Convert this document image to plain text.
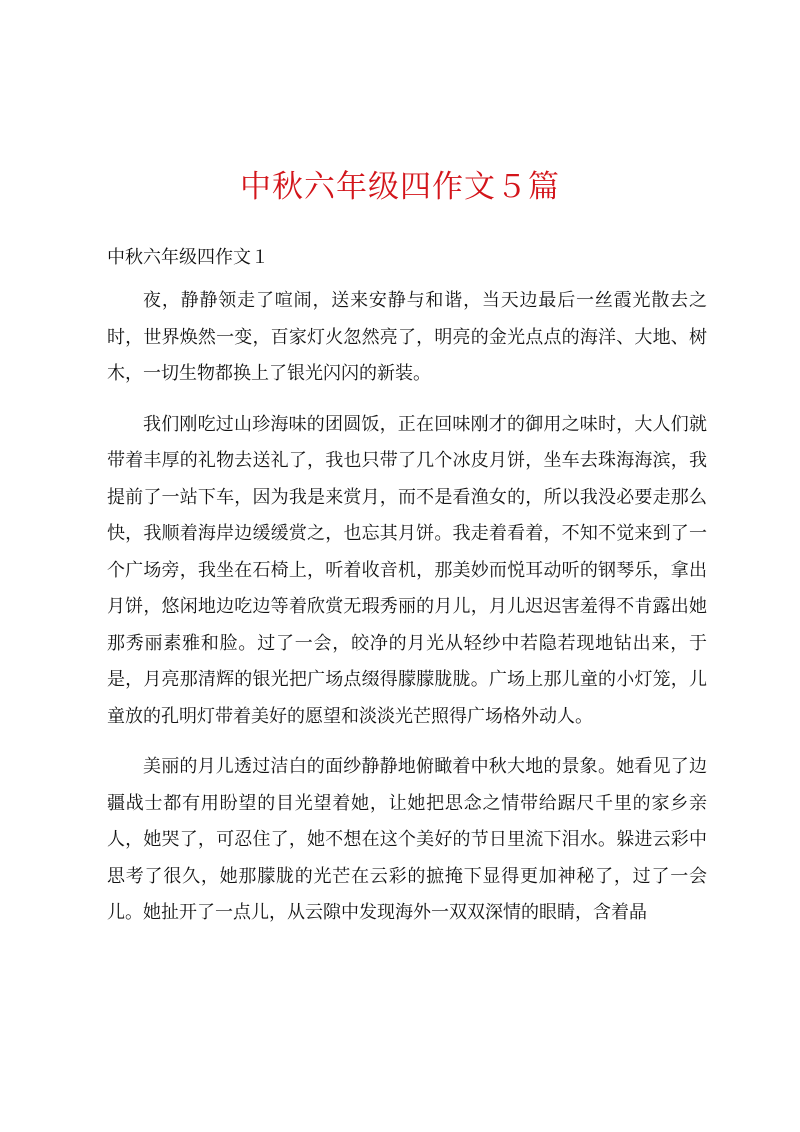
中秋六年级四作文５篇
中秋六年级四作文１

夜，静静领走了喧闹，送来安静与和谐，当天边最后一丝霞光散去之时，世界焕然一变，百家灯火忽然亮了，明亮的金光点点的海洋、大地、树木，一切生物都换上了银光闪闪的新装。

我们刚吃过山珍海味的团圆饭，正在回味刚才的御用之味时，大人们就带着丰厚的礼物去送礼了，我也只带了几个冰皮月饼，坐车去珠海海滨，我提前了一站下车，因为我是来赏月，而不是看渔女的，所以我没必要走那么快，我顺着海岸边缓缓赏之，也忘其月饼。我走着看着，不知不觉来到了一个广场旁，我坐在石椅上，听着收音机，那美妙而悦耳动听的钢琴乐，拿出月饼，悠闲地边吃边等着欣赏无瑕秀丽的月儿，月儿迟迟害羞得不肯露出她那秀丽素雅和脸。过了一会，皎净的月光从轻纱中若隐若现地钻出来，于是，月亮那清辉的银光把广场点缀得朦朦胧胧。广场上那儿童的小灯笼，儿童放的孔明灯带着美好的愿望和淡淡光芒照得广场格外动人。

美丽的月儿透过洁白的面纱静静地俯瞰着中秋大地的景象。她看见了边疆战士都有用盼望的目光望着她，让她把思念之情带给踞尺千里的家乡亲人，她哭了，可忍住了，她不想在这个美好的节日里流下泪水。躲进云彩中思考了很久，她那朦胧的光芒在云彩的摭掩下显得更加神秘了，过了一会儿。她扯开了一点儿，从云隙中发现海外一双双深情的眼睛，含着晶
